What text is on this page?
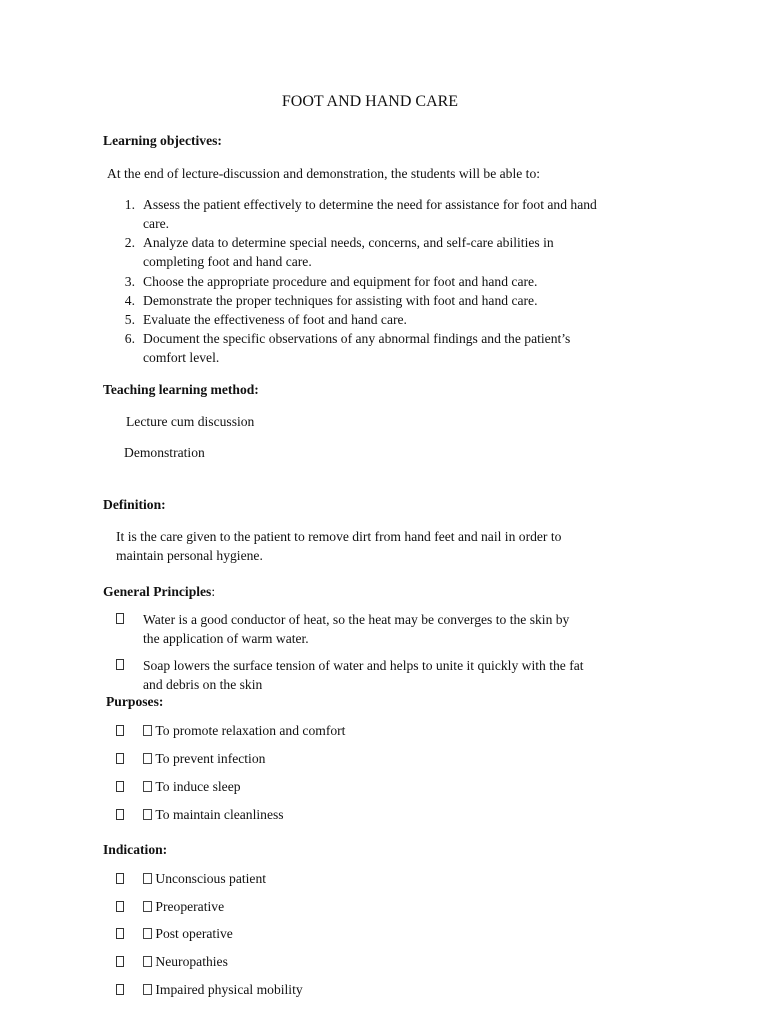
FOOT AND HAND CARE
Learning objectives:

At the end of lecture-discussion and demonstration, the students will be able to:

1. Assess the patient effectively to determine the need for assistance for foot and hand
care.
2. Analyze data to determine special needs, concerns, and self-care abilities in
completing foot and hand care.
3. Choose the appropriate procedure and equipment for foot and hand care.
4. Demonstrate the proper techniques for assisting with foot and hand care.
5. Evaluate the effectiveness of foot and hand care.
6. Document the specific observations of any abnormal findings and the patient’s
comfort level.
Teaching learning method:

Lecture cum discussion

Demonstration

Definition:
It is the care given to the patient to remove dirt from hand feet and nail in order to
maintain personal hygiene.
General Principles:
Water is a good conductor of heat, so the heat may be converges to the skin by
the application of warm water.
Soap lowers the surface tension of water and helps to unite it quickly with the fat
and debris on the skin
Purposes:
To promote relaxation and comfort
To prevent infection
To induce sleep
To maintain cleanliness
Indication:
Unconscious patient
Preoperative
Post operative
Neuropathies
Impaired physical mobility
